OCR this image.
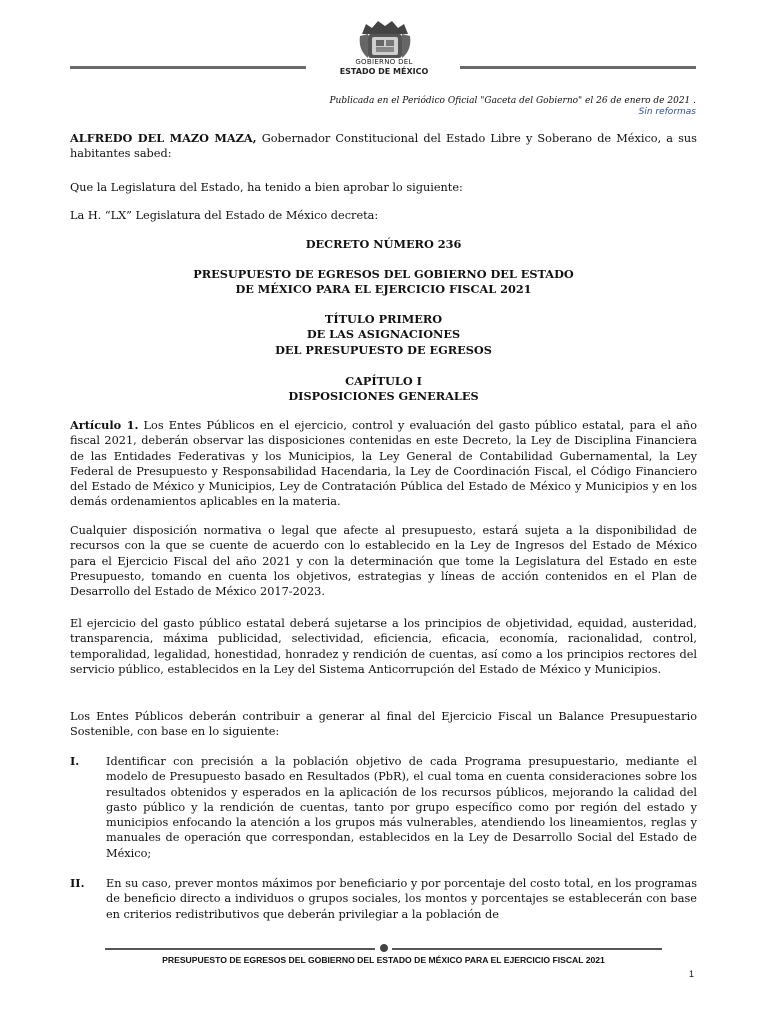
GOBIERNO DEL
ESTADO DE MÉXICO
Publicada en el Periódico Oficial "Gaceta del Gobierno" el 26 de enero de 2021 .
Sin reformas
ALFREDO DEL MAZO MAZA, Gobernador Constitucional del Estado Libre y Soberano de México, a sus habitantes sabed:
Que la Legislatura del Estado, ha tenido a bien aprobar lo siguiente:
La H. “LX” Legislatura del Estado de México decreta:
DECRETO NÚMERO 236
PRESUPUESTO DE EGRESOS DEL GOBIERNO DEL ESTADO
DE MÉXICO PARA EL EJERCICIO FISCAL 2021
TÍTULO PRIMERO
DE LAS ASIGNACIONES
DEL PRESUPUESTO DE EGRESOS
CAPÍTULO I
DISPOSICIONES GENERALES
Artículo 1. Los Entes Públicos en el ejercicio, control y evaluación del gasto público estatal, para el año fiscal 2021, deberán observar las disposiciones contenidas en este Decreto, la Ley de Disciplina Financiera de las Entidades Federativas y los Municipios, la Ley General de Contabilidad Gubernamental, la Ley Federal de Presupuesto y Responsabilidad Hacendaria, la Ley de Coordinación Fiscal, el Código Financiero del Estado de México y Municipios, Ley de Contratación Pública del Estado de México y Municipios y en los demás ordenamientos aplicables en la materia.
Cualquier disposición normativa o legal que afecte al presupuesto, estará sujeta a la disponibilidad de recursos con la que se cuente de acuerdo con lo establecido en la Ley de Ingresos del Estado de México para el Ejercicio Fiscal del año 2021 y con la determinación que tome la Legislatura del Estado en este Presupuesto, tomando en cuenta los objetivos, estrategias y líneas de acción contenidos en el Plan de Desarrollo del Estado de México 2017-2023.
El ejercicio del gasto público estatal deberá sujetarse a los principios de objetividad, equidad, austeridad, transparencia, máxima publicidad, selectividad, eficiencia, eficacia, economía, racionalidad, control, temporalidad, legalidad, honestidad, honradez y rendición de cuentas, así como a los principios rectores del servicio público, establecidos en la Ley del Sistema Anticorrupción del Estado de México y Municipios.
Los Entes Públicos deberán contribuir a generar al final del Ejercicio Fiscal un Balance Presupuestario Sostenible, con base en lo siguiente:
I.	Identificar con precisión a la población objetivo de cada Programa presupuestario, mediante el modelo de Presupuesto basado en Resultados (PbR), el cual toma en cuenta consideraciones sobre los resultados obtenidos y esperados en la aplicación de los recursos públicos, mejorando la calidad del gasto público y la rendición de cuentas, tanto por grupo específico como por región del estado y municipios enfocando la atención a los grupos más vulnerables, atendiendo los lineamientos, reglas y manuales de operación que correspondan, establecidos en la Ley de Desarrollo Social del Estado de México;
II.	En su caso, prever montos máximos por beneficiario y por porcentaje del costo total, en los programas de beneficio directo a individuos o grupos sociales, los montos y porcentajes se establecerán con base en criterios redistributivos que deberán privilegiar a la población de
PRESUPUESTO DE EGRESOS DEL GOBIERNO DEL ESTADO DE MÉXICO PARA EL EJERCICIO FISCAL 2021
1
